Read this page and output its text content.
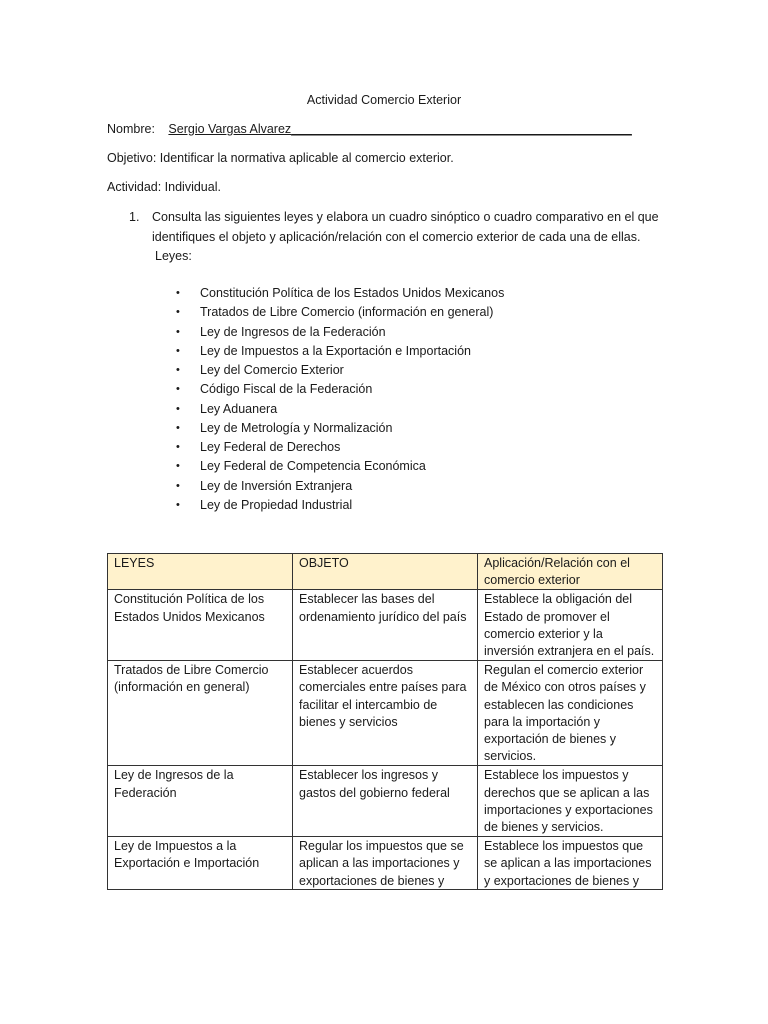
Actividad Comercio Exterior
Nombre: Sergio Vargas Alvarez_________________________________________________
Objetivo: Identificar la normativa aplicable al comercio exterior.
Actividad: Individual.
1. Consulta las siguientes leyes y elabora un cuadro sinóptico o cuadro comparativo en el que identifiques el objeto y aplicación/relación con el comercio exterior de cada una de ellas.
Leyes:
• Constitución Política de los Estados Unidos Mexicanos
• Tratados de Libre Comercio (información en general)
• Ley de Ingresos de la Federación
• Ley de Impuestos a la Exportación e Importación
• Ley del Comercio Exterior
• Código Fiscal de la Federación
• Ley Aduanera
• Ley de Metrología y Normalización
• Ley Federal de Derechos
• Ley Federal de Competencia Económica
• Ley de Inversión Extranjera
• Ley de Propiedad Industrial
LEYES	OBJETO	Aplicación/Relación con el comercio exterior
Constitución Política de los Estados Unidos Mexicanos	Establecer las bases del ordenamiento jurídico del país	Establece la obligación del Estado de promover el comercio exterior y la inversión extranjera en el país.
Tratados de Libre Comercio (información en general)	Establecer acuerdos comerciales entre países para facilitar el intercambio de bienes y servicios	Regulan el comercio exterior de México con otros países y establecen las condiciones para la importación y exportación de bienes y servicios.
Ley de Ingresos de la Federación	Establecer los ingresos y gastos del gobierno federal	Establece los impuestos y derechos que se aplican a las importaciones y exportaciones de bienes y servicios.

Ley de Impuestos a la Exportación e Importación	Regular los impuestos que se aplican a las importaciones y exportaciones de bienes y	Establece los impuestos que se aplican a las importaciones y exportaciones de bienes y
